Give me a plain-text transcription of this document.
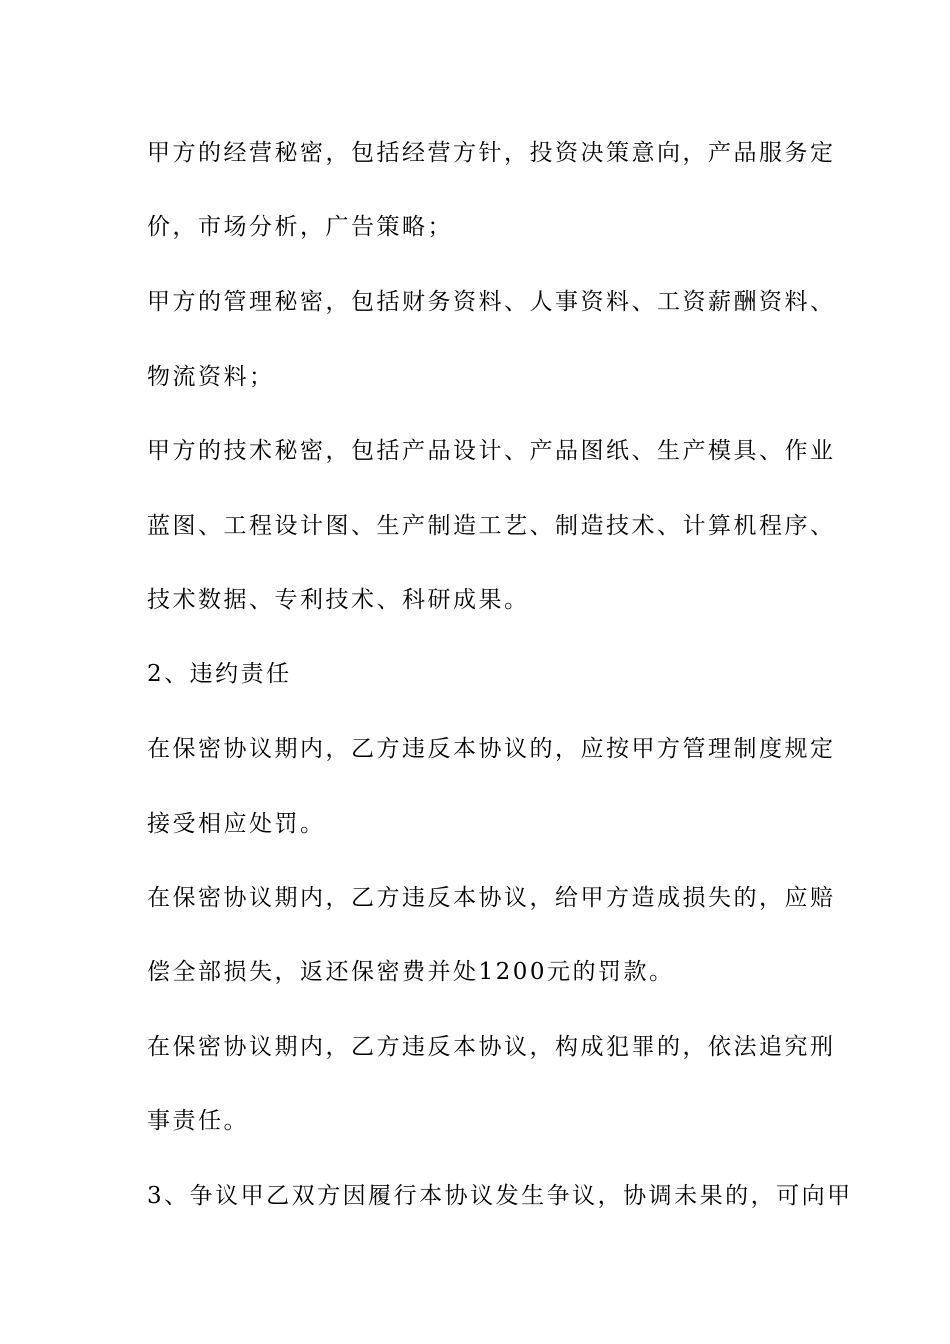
甲方的经营秘密，包括经营方针，投资决策意向，产品服务定
价，市场分析，广告策略；
甲方的管理秘密，包括财务资料、人事资料、工资薪酬资料、
物流资料；
甲方的技术秘密，包括产品设计、产品图纸、生产模具、作业
蓝图、工程设计图、生产制造工艺、制造技术、计算机程序、
技术数据、专利技术、科研成果。
2、违约责任
在保密协议期内，乙方违反本协议的，应按甲方管理制度规定
接受相应处罚。
在保密协议期内，乙方违反本协议，给甲方造成损失的，应赔
偿全部损失，返还保密费并处1200元的罚款。
在保密协议期内，乙方违反本协议，构成犯罪的，依法追究刑
事责任。
3、争议甲乙双方因履行本协议发生争议，协调未果的，可向甲
